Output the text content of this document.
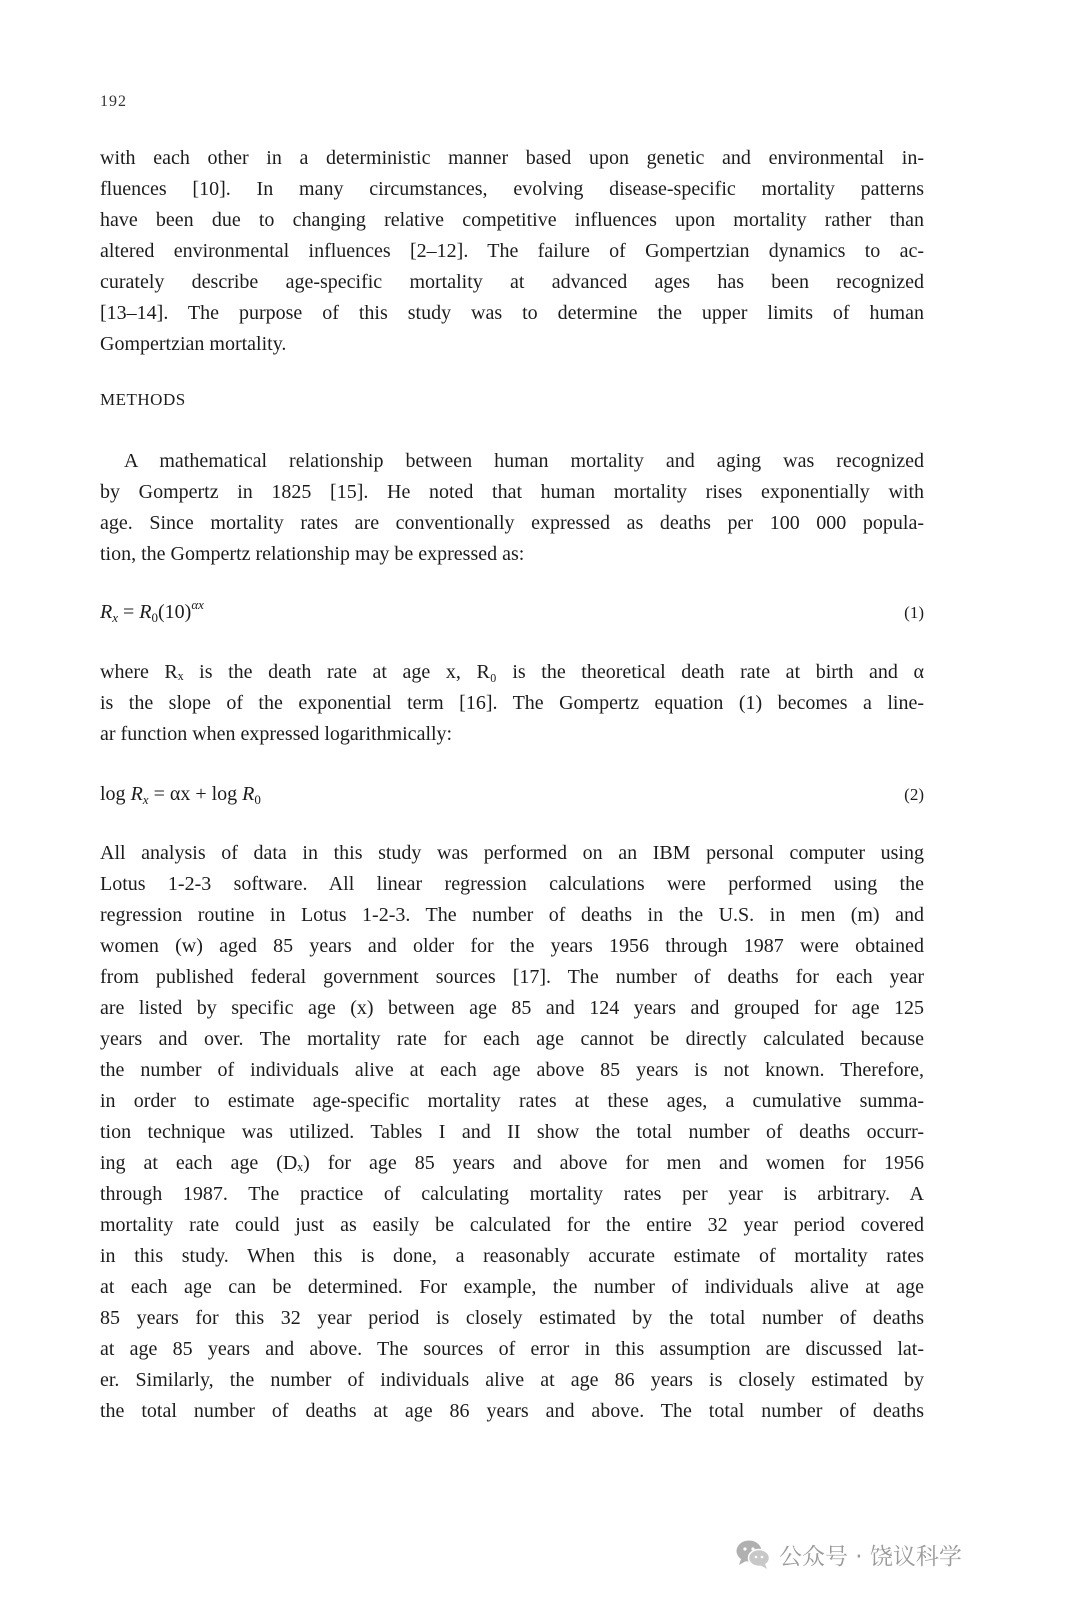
192
with each other in a deterministic manner based upon genetic and environmental in-
fluences [10]. In many circumstances, evolving disease-specific mortality patterns
have been due to changing relative competitive influences upon mortality rather than
altered environmental influences [2–12]. The failure of Gompertzian dynamics to ac-
curately describe age-specific mortality at advanced ages has been recognized
[13–14]. The purpose of this study was to determine the upper limits of human
Gompertzian mortality.
METHODS
A mathematical relationship between human mortality and aging was recognized
by Gompertz in 1825 [15]. He noted that human mortality rises exponentially with
age. Since mortality rates are conventionally expressed as deaths per 100 000 popula-
tion, the Gompertz relationship may be expressed as:
$R_x = R_0(10)^{\alpha x}$	(1)
where Rₓ is the death rate at age x, R₀ is the theoretical death rate at birth and α
is the slope of the exponential term [16]. The Gompertz equation (1) becomes a line-
ar function when expressed logarithmically:
$\log R_x = \alpha x + \log R_0$	(2)
All analysis of data in this study was performed on an IBM personal computer using
Lotus 1-2-3 software. All linear regression calculations were performed using the
regression routine in Lotus 1-2-3. The number of deaths in the U.S. in men (m) and
women (w) aged 85 years and older for the years 1956 through 1987 were obtained
from published federal government sources [17]. The number of deaths for each year
are listed by specific age (x) between age 85 and 124 years and grouped for age 125
years and over. The mortality rate for each age cannot be directly calculated because
the number of individuals alive at each age above 85 years is not known. Therefore,
in order to estimate age-specific mortality rates at these ages, a cumulative summa-
tion technique was utilized. Tables I and II show the total number of deaths occurr-
ing at each age (Dₓ) for age 85 years and above for men and women for 1956
through 1987. The practice of calculating mortality rates per year is arbitrary. A
mortality rate could just as easily be calculated for the entire 32 year period covered
in this study. When this is done, a reasonably accurate estimate of mortality rates
at each age can be determined. For example, the number of individuals alive at age
85 years for this 32 year period is closely estimated by the total number of deaths
at age 85 years and above. The sources of error in this assumption are discussed lat-
er. Similarly, the number of individuals alive at age 86 years is closely estimated by
the total number of deaths at age 86 years and above. The total number of deaths
公众号 · 饶议科学
